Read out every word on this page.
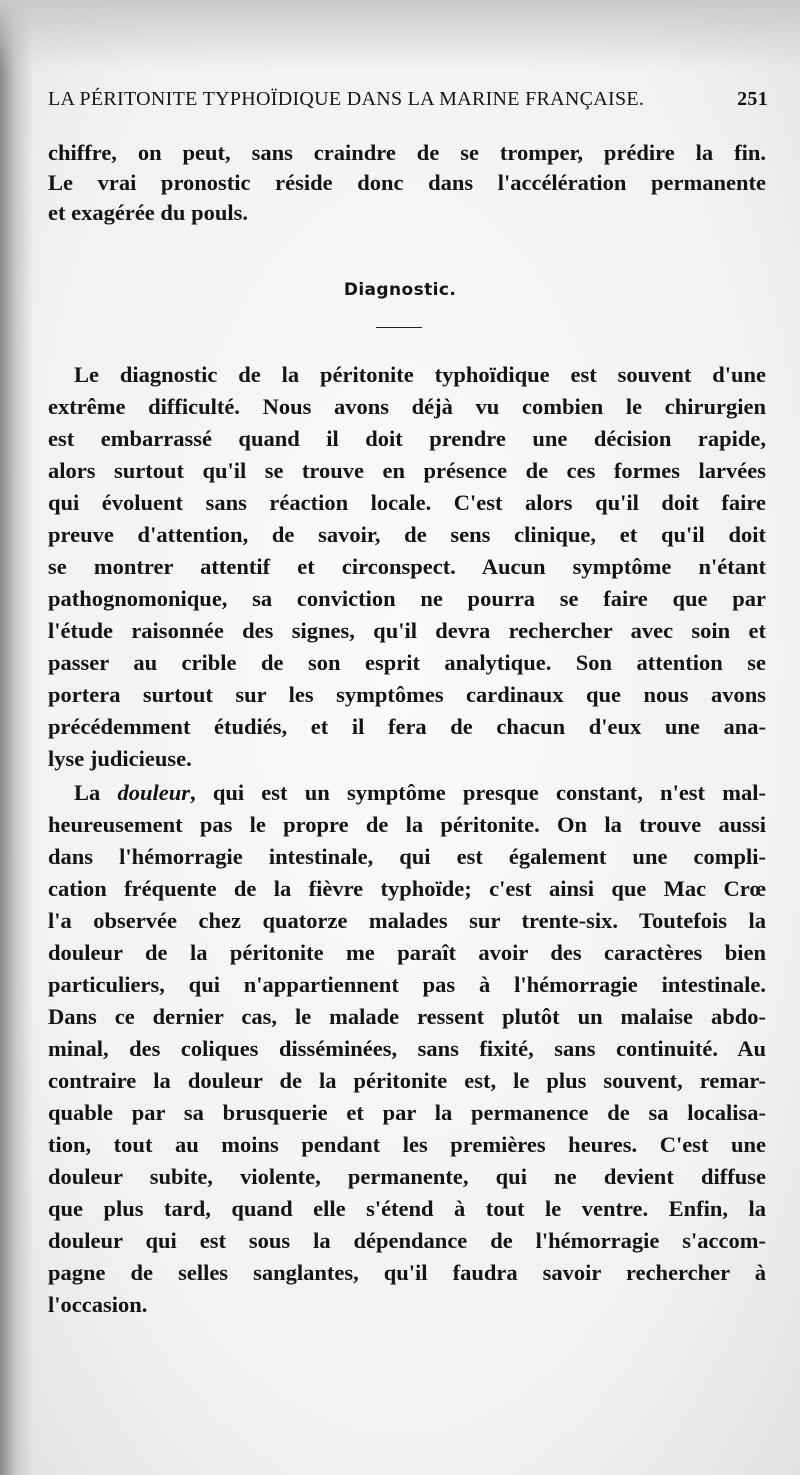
LA PÉRITONITE TYPHOÏDIQUE DANS LA MARINE FRANÇAISE.	251
Diagnostic.
chiffre, on peut, sans craindre de se tromper, prédire la fin.
Le vrai pronostic réside donc dans l'accélération permanente
et exagérée du pouls.
Le diagnostic de la péritonite typhoïdique est souvent d'une
extrême difficulté. Nous avons déjà vu combien le chirurgien
est embarrassé quand il doit prendre une décision rapide,
alors surtout qu'il se trouve en présence de ces formes larvées
qui évoluent sans réaction locale. C'est alors qu'il doit faire
preuve d'attention, de savoir, de sens clinique, et qu'il doit
se montrer attentif et circonspect. Aucun symptôme n'étant
pathognomonique, sa conviction ne pourra se faire que par
l'étude raisonnée des signes, qu'il devra rechercher avec soin et
passer au crible de son esprit analytique. Son attention se
portera surtout sur les symptômes cardinaux que nous avons
précédemment étudiés, et il fera de chacun d'eux une ana-
lyse judicieuse.
La douleur, qui est un symptôme presque constant, n'est mal-
heureusement pas le propre de la péritonite. On la trouve aussi
dans l'hémorragie intestinale, qui est également une compli-
cation fréquente de la fièvre typhoïde; c'est ainsi que Mac Crœ
l'a observée chez quatorze malades sur trente-six. Toutefois la
douleur de la péritonite me paraît avoir des caractères bien
particuliers, qui n'appartiennent pas à l'hémorragie intestinale.
Dans ce dernier cas, le malade ressent plutôt un malaise abdo-
minal, des coliques disséminées, sans fixité, sans continuité. Au
contraire la douleur de la péritonite est, le plus souvent, remar-
quable par sa brusquerie et par la permanence de sa localisa-
tion, tout au moins pendant les premières heures. C'est une
douleur subite, violente, permanente, qui ne devient diffuse
que plus tard, quand elle s'étend à tout le ventre. Enfin, la
douleur qui est sous la dépendance de l'hémorragie s'accom-
pagne de selles sanglantes, qu'il faudra savoir rechercher à
l'occasion.
